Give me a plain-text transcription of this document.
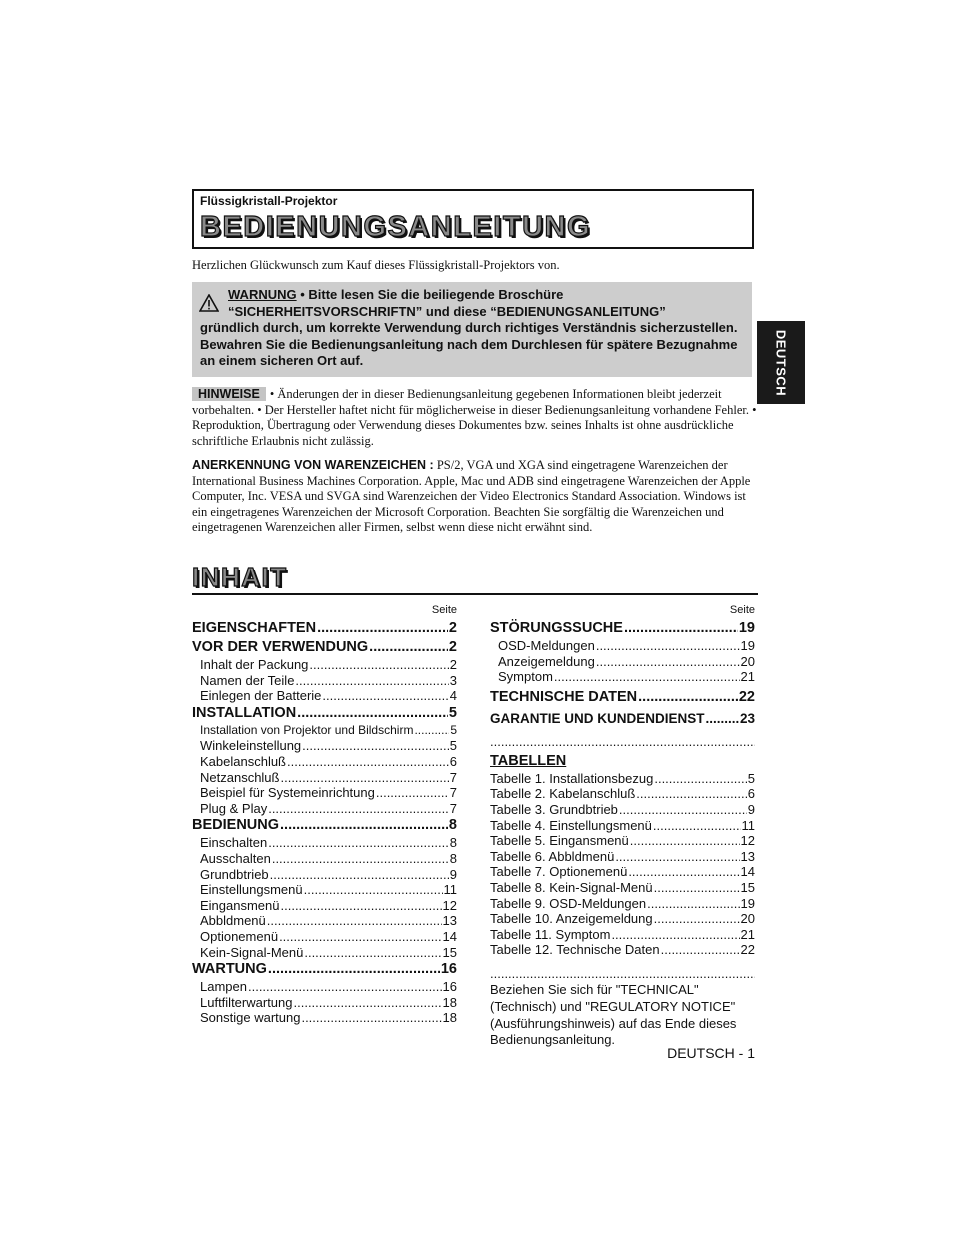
Flüssigkristall-Projektor
BEDIENUNGSANLEITUNG
Herzlichen Glückwunsch zum Kauf dieses Flüssigkristall-Projektors von.
WARNUNG • Bitte lesen Sie die beiliegende Broschüre
“SICHERHEITSVORSCHRIFTN” und diese “BEDIENUNGSANLEITUNG”
gründlich durch, um korrekte Verwendung durch richtiges Verständnis sicherzustellen. Bewahren Sie die Bedienungsanleitung nach dem Durchlesen für spätere Bezugnahme an einem sicheren Ort auf.	DEUTSCH
HINWEISE • Änderungen der in dieser Bedienungsanleitung gegebenen Informationen bleibt jederzeit vorbehalten. • Der Hersteller haftet nicht für möglicherweise in dieser Bedienungsanleitung vorhandene Fehler. • Reproduktion, Übertragung oder Verwendung dieses Dokumentes bzw. seines Inhalts ist ohne ausdrückliche schriftliche Erlaubnis nicht zulässig.
ANERKENNUNG VON WARENZEICHEN : PS/2, VGA und XGA sind eingetragene Warenzeichen der International Business Machines Corporation. Apple, Mac und ADB sind eingetragene Warenzeichen der Apple Computer, Inc. VESA und SVGA sind Warenzeichen der Video Electronics Standard Association. Windows ist ein eingetragenes Warenzeichen der Microsoft Corporation. Beachten Sie sorgfältig die Warenzeichen und eingetragenen Warenzeichen aller Firmen, selbst wenn diese nicht erwähnt sind.
INHAIT
Seite
EIGENSCHAFTEN .....	2
VOR DER VERWENDUNG .....	2
Inhalt der Packung .....	2
Namen der Teile .....	3
Einlegen der Batterie .....	4
INSTALLATION .....	5
Installation von Projektor und Bildschirm .....	5
Winkeleinstellung .....	5
Kabelanschluß .....	6
Netzanschluß .....	7
Beispiel für Systemeinrichtung .....	7
Plug & Play .....	7
BEDIENUNG .....	8
Einschalten .....	8
Ausschalten .....	8
Grundbtrieb .....	9
Einstellungsmenü .....	11
Eingansmenü .....	12
Abbldmenü .....	13
Optionemenü .....	14
Kein-Signal-Menü .....	15
WARTUNG .....	16
Lampen .....	16
Luftfilterwartung .....	18
Sonstige wartung .....	18
Seite
STÖRUNGSSUCHE .....	19
OSD-Meldungen .....	19
Anzeigemeldung .....	20
Symptom .....	21
TECHNISCHE DATEN .....	22
GARANTIE UND KUNDENDIENST .....	23
.....
TABELLEN
Tabelle 1. Installationsbezug .....	5
Tabelle 2. Kabelanschluß .....	6
Tabelle 3. Grundbtrieb .....	9
Tabelle 4. Einstellungsmenü .....	11
Tabelle 5. Eingansmenü .....	12
Tabelle 6. Abbldmenü .....	13
Tabelle 7. Optionemenü .....	14
Tabelle 8. Kein-Signal-Menü .....	15
Tabelle 9. OSD-Meldungen .....	19
Tabelle 10. Anzeigemeldung .....	20
Tabelle 11. Symptom .....	21
Tabelle 12. Technische Daten .....	22
.....
Beziehen Sie sich für "TECHNICAL" (Technisch) und "REGULATORY NOTICE" (Ausführungshinweis) auf das Ende dieses Bedienungsanleitung.
DEUTSCH - 1
